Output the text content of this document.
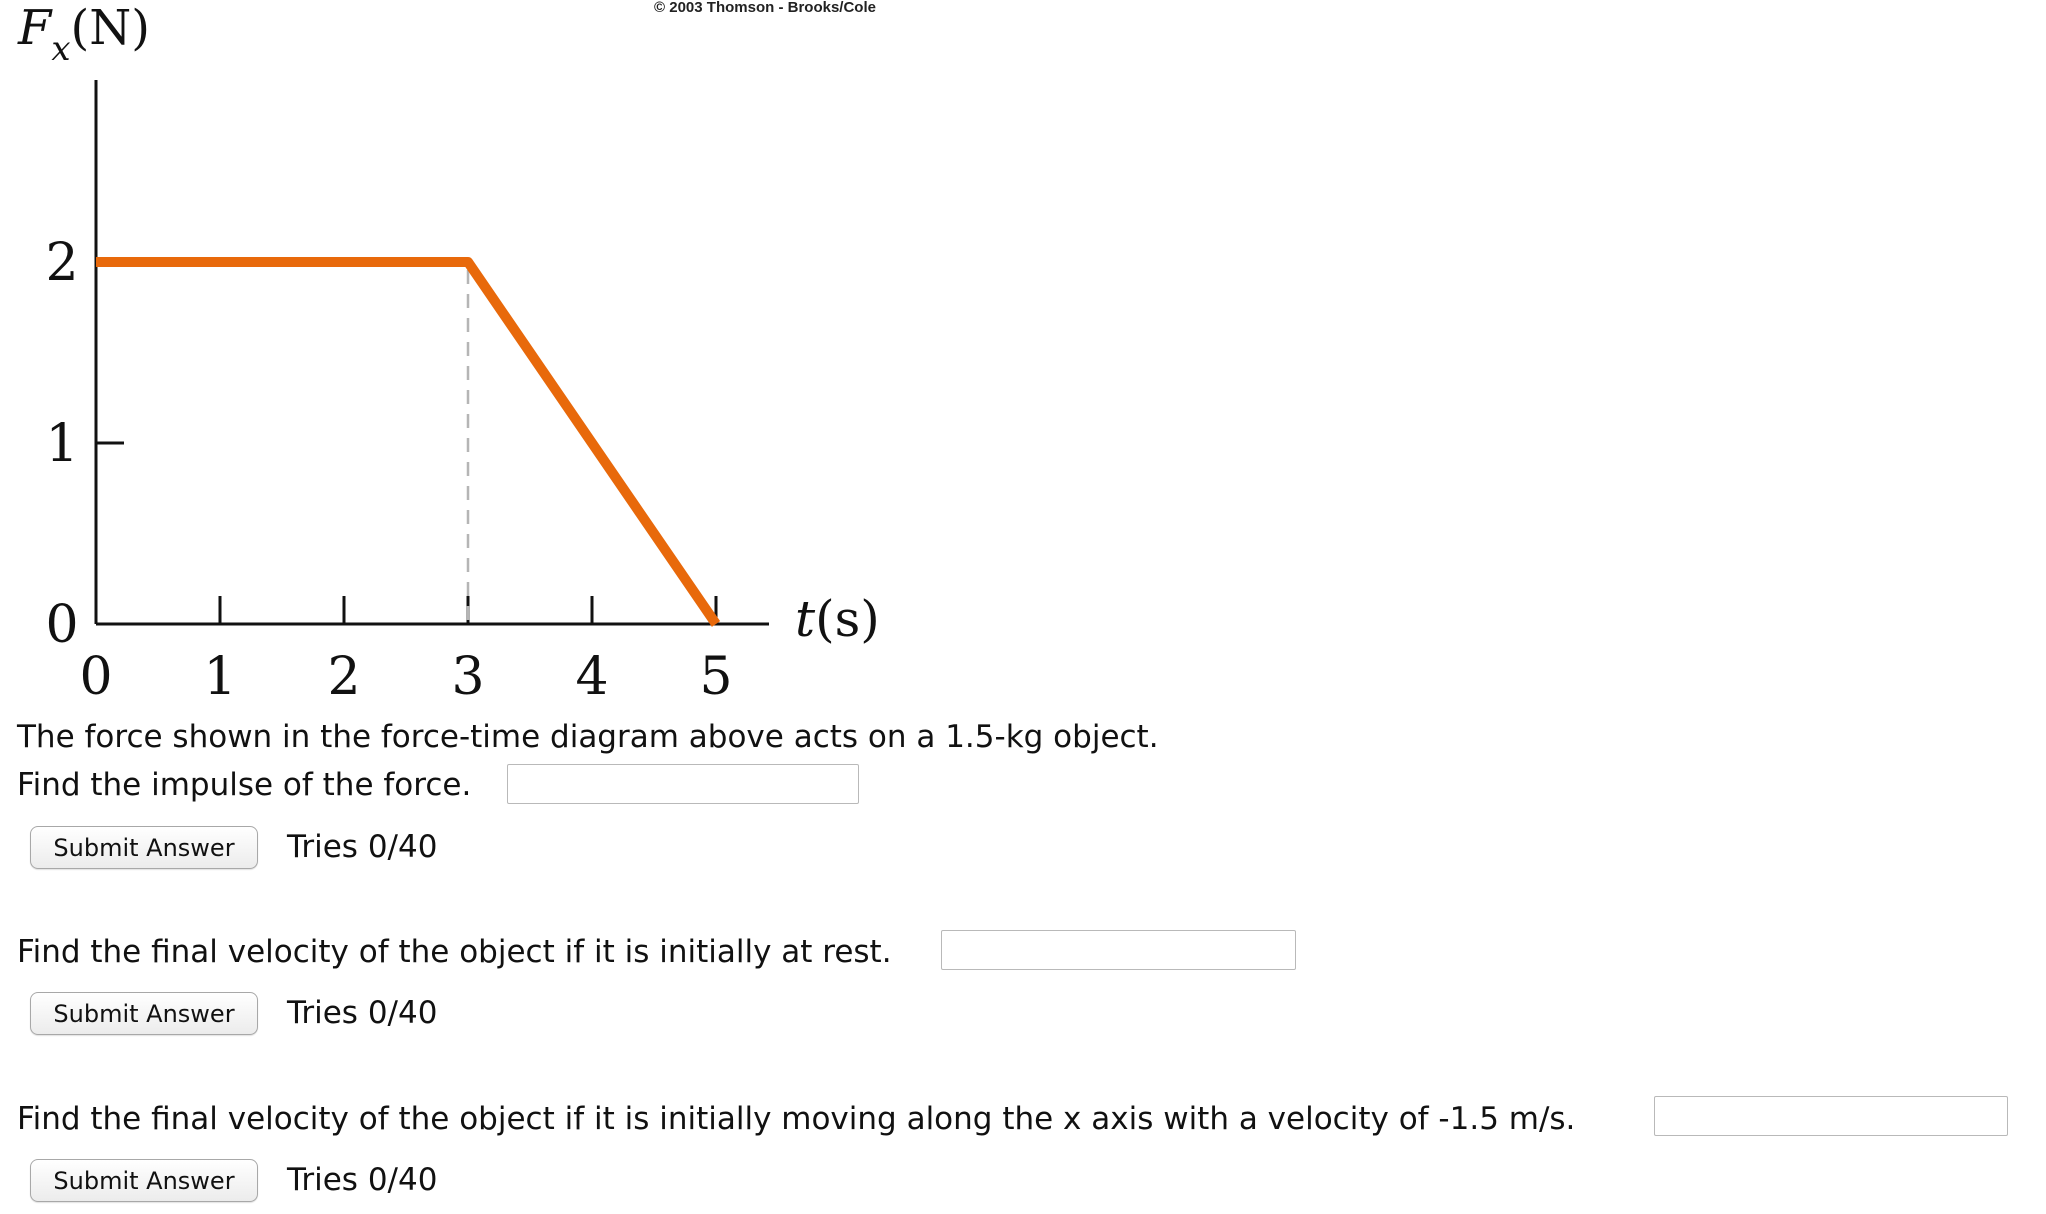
© 2003 Thomson - Brooks/Cole
$F_x(N)$
0
1
2
0 1 2 3 4 5
t(s)

The force shown in the force-time diagram above acts on a 1.5-kg object.

Find the impulse of the force.

Submit Answer	Tries 0/40

Find the final velocity of the object if it is initially at rest.

Submit Answer	Tries 0/40

Find the final velocity of the object if it is initially moving along the x axis with a velocity of -1.5 m/s.

Submit Answer	Tries 0/40
